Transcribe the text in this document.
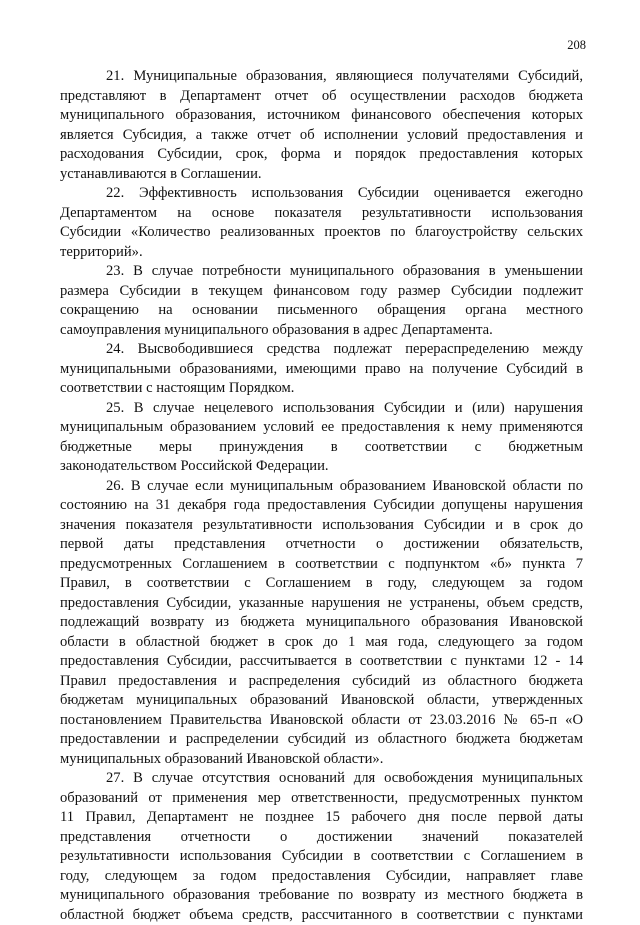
208
21. Муниципальные образования, являющиеся получателями Субсидий,
представляют в Департамент отчет об осуществлении расходов бюджета
муниципального образования, источником финансового обеспечения которых
является Субсидия, а также отчет об исполнении условий предоставления и
расходования Субсидии, срок, форма и порядок предоставления которых
устанавливаются в Соглашении.
22. Эффективность использования Субсидии оценивается ежегодно
Департаментом на основе показателя результативности использования
Субсидии «Количество реализованных проектов по благоустройству сельских
территорий».
23. В случае потребности муниципального образования в уменьшении
размера Субсидии в текущем финансовом году размер Субсидии подлежит
сокращению на основании письменного обращения органа местного
самоуправления муниципального образования в адрес Департамента.
24. Высвободившиеся средства подлежат перераспределению между
муниципальными образованиями, имеющими право на получение Субсидий в
соответствии с настоящим Порядком.
25. В случае нецелевого использования Субсидии и (или) нарушения
муниципальным образованием условий ее предоставления к нему применяются
бюджетные меры принуждения в соответствии с бюджетным
законодательством Российской Федерации.
26. В случае если муниципальным образованием Ивановской области по
состоянию на 31 декабря года предоставления Субсидии допущены нарушения
значения показателя результативности использования Субсидии и в срок до
первой даты представления отчетности о достижении обязательств,
предусмотренных Соглашением в соответствии с подпунктом «б» пункта 7
Правил, в соответствии с Соглашением в году, следующем за годом
предоставления Субсидии, указанные нарушения не устранены, объем средств,
подлежащий возврату из бюджета муниципального образования Ивановской
области в областной бюджет в срок до 1 мая года, следующего за годом
предоставления Субсидии, рассчитывается в соответствии с пунктами 12 - 14
Правил предоставления и распределения субсидий из областного бюджета
бюджетам муниципальных образований Ивановской области, утвержденных
постановлением Правительства Ивановской области от 23.03.2016 № 65-п «О
предоставлении и распределении субсидий из областного бюджета бюджетам
муниципальных образований Ивановской области».
27. В случае отсутствия оснований для освобождения муниципальных
образований от применения мер ответственности, предусмотренных пунктом
11 Правил, Департамент не позднее 15 рабочего дня после первой даты
представления отчетности о достижении значений показателей
результативности использования Субсидии в соответствии с Соглашением в
году, следующем за годом предоставления Субсидии, направляет главе
муниципального образования требование по возврату из местного бюджета в
областной бюджет объема средств, рассчитанного в соответствии с пунктами
